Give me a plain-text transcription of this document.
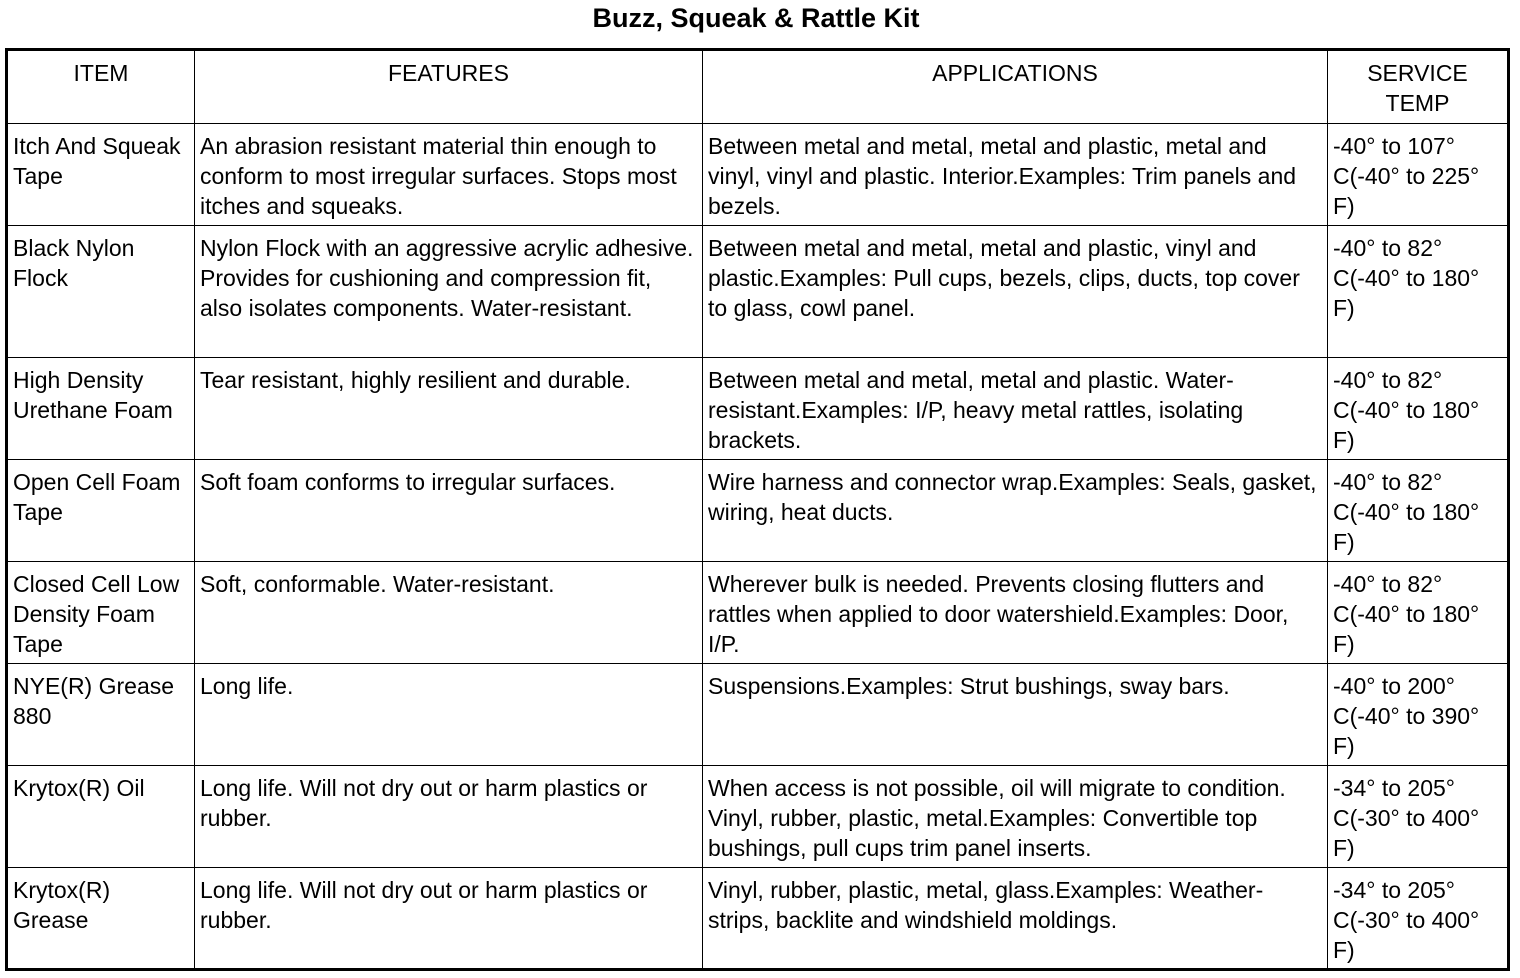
Buzz, Squeak & Rattle Kit
ITEM	FEATURES	APPLICATIONS	SERVICE TEMP
Itch And Squeak Tape	An abrasion resistant material thin enough to conform to most irregular surfaces. Stops most itches and squeaks.	Between metal and metal, metal and plastic, metal and vinyl, vinyl and plastic. Interior.Examples: Trim panels and bezels.	-40° to 107° C(-40° to 225° F)
Black Nylon Flock	Nylon Flock with an aggressive acrylic adhesive. Provides for cushioning and compression fit, also isolates components. Water-resistant.	Between metal and metal, metal and plastic, vinyl and plastic.Examples: Pull cups, bezels, clips, ducts, top cover to glass, cowl panel.	-40° to 82° C(-40° to 180° F)
High Density Urethane Foam	Tear resistant, highly resilient and durable.	Between metal and metal, metal and plastic. Water-resistant.Examples: I/P, heavy metal rattles, isolating brackets.	-40° to 82° C(-40° to 180° F)
Open Cell Foam Tape	Soft foam conforms to irregular surfaces.	Wire harness and connector wrap.Examples: Seals, gasket, wiring, heat ducts.	-40° to 82° C(-40° to 180° F)
Closed Cell Low Density Foam Tape	Soft, conformable. Water-resistant.	Wherever bulk is needed. Prevents closing flutters and rattles when applied to door watershield.Examples: Door, I/P.	-40° to 82° C(-40° to 180° F)
NYE(R) Grease 880	Long life.	Suspensions.Examples: Strut bushings, sway bars.	-40° to 200° C(-40° to 390° F)
Krytox(R) Oil	Long life. Will not dry out or harm plastics or rubber.	When access is not possible, oil will migrate to condition. Vinyl, rubber, plastic, metal.Examples: Convertible top bushings, pull cups trim panel inserts.	-34° to 205° C(-30° to 400° F)
Krytox(R) Grease	Long life. Will not dry out or harm plastics or rubber.	Vinyl, rubber, plastic, metal, glass.Examples: Weather-strips, backlite and windshield moldings.	-34° to 205° C(-30° to 400° F)
